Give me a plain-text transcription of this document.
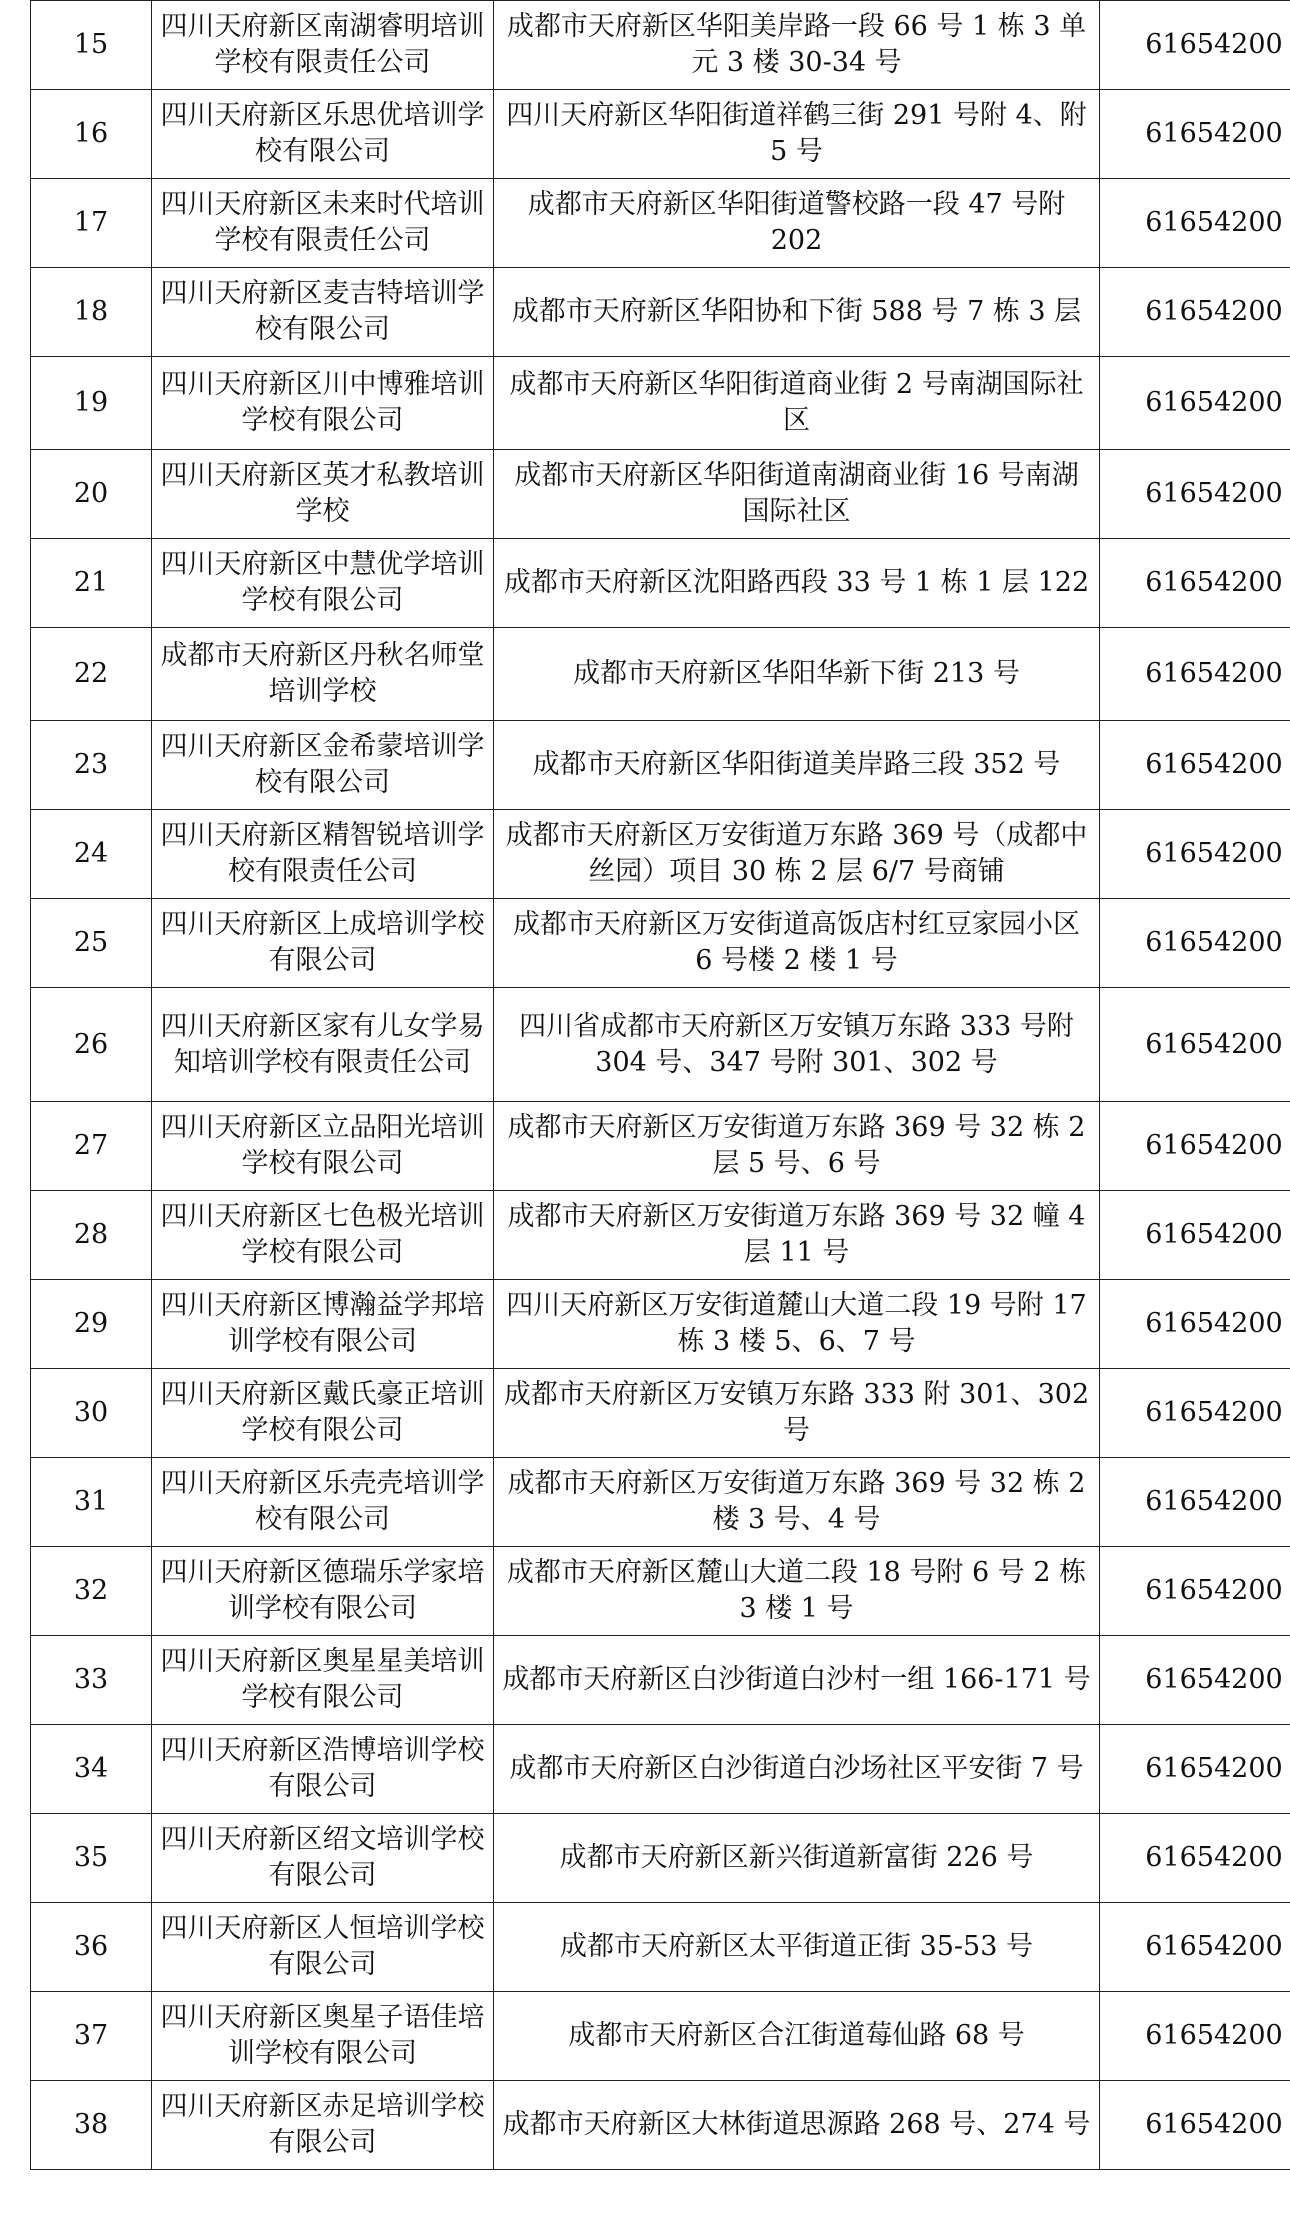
15	四川天府新区南湖睿明培训学校有限责任公司	成都市天府新区华阳美岸路一段 66 号 1 栋 3 单元 3 楼 30-34 号	61654200
16	四川天府新区乐思优培训学校有限公司	四川天府新区华阳街道祥鹤三街 291 号附 4、附 5 号	61654200
17	四川天府新区未来时代培训学校有限责任公司	成都市天府新区华阳街道警校路一段 47 号附 202	61654200
18	四川天府新区麦吉特培训学校有限公司	成都市天府新区华阳协和下街 588 号 7 栋 3 层	61654200
19	四川天府新区川中博雅培训学校有限公司	成都市天府新区华阳街道商业街 2 号南湖国际社区	61654200
20	四川天府新区英才私教培训学校	成都市天府新区华阳街道南湖商业街 16 号南湖国际社区	61654200
21	四川天府新区中慧优学培训学校有限公司	成都市天府新区沈阳路西段 33 号 1 栋 1 层 122	61654200
22	成都市天府新区丹秋名师堂培训学校	成都市天府新区华阳华新下街 213 号	61654200
23	四川天府新区金希蒙培训学校有限公司	成都市天府新区华阳街道美岸路三段 352 号	61654200
24	四川天府新区精智锐培训学校有限责任公司	成都市天府新区万安街道万东路 369 号（成都中丝园）项目 30 栋 2 层 6/7 号商铺	61654200
25	四川天府新区上成培训学校有限公司	成都市天府新区万安街道高饭店村红豆家园小区 6 号楼 2 楼 1 号	61654200
26	四川天府新区家有儿女学易知培训学校有限责任公司	四川省成都市天府新区万安镇万东路 333 号附 304 号、347 号附 301、302 号	61654200
27	四川天府新区立品阳光培训学校有限公司	成都市天府新区万安街道万东路 369 号 32 栋 2 层 5 号、6 号	61654200
28	四川天府新区七色极光培训学校有限公司	成都市天府新区万安街道万东路 369 号 32 幢 4 层 11 号	61654200
29	四川天府新区博瀚益学邦培训学校有限公司	四川天府新区万安街道麓山大道二段 19 号附 17 栋 3 楼 5、6、7 号	61654200
30	四川天府新区戴氏豪正培训学校有限公司	成都市天府新区万安镇万东路 333 附 301、302 号	61654200
31	四川天府新区乐壳壳培训学校有限公司	成都市天府新区万安街道万东路 369 号 32 栋 2 楼 3 号、4 号	61654200
32	四川天府新区德瑞乐学家培训学校有限公司	成都市天府新区麓山大道二段 18 号附 6 号 2 栋 3 楼 1 号	61654200
33	四川天府新区奥星星美培训学校有限公司	成都市天府新区白沙街道白沙村一组 166-171 号	61654200
34	四川天府新区浩博培训学校有限公司	成都市天府新区白沙街道白沙场社区平安街 7 号	61654200
35	四川天府新区绍文培训学校有限公司	成都市天府新区新兴街道新富街 226 号	61654200
36	四川天府新区人恒培训学校有限公司	成都市天府新区太平街道正街 35-53 号	61654200
37	四川天府新区奥星子语佳培训学校有限公司	成都市天府新区合江街道莓仙路 68 号	61654200
38	四川天府新区赤足培训学校有限公司	成都市天府新区大林街道思源路 268 号、274 号	61654200
